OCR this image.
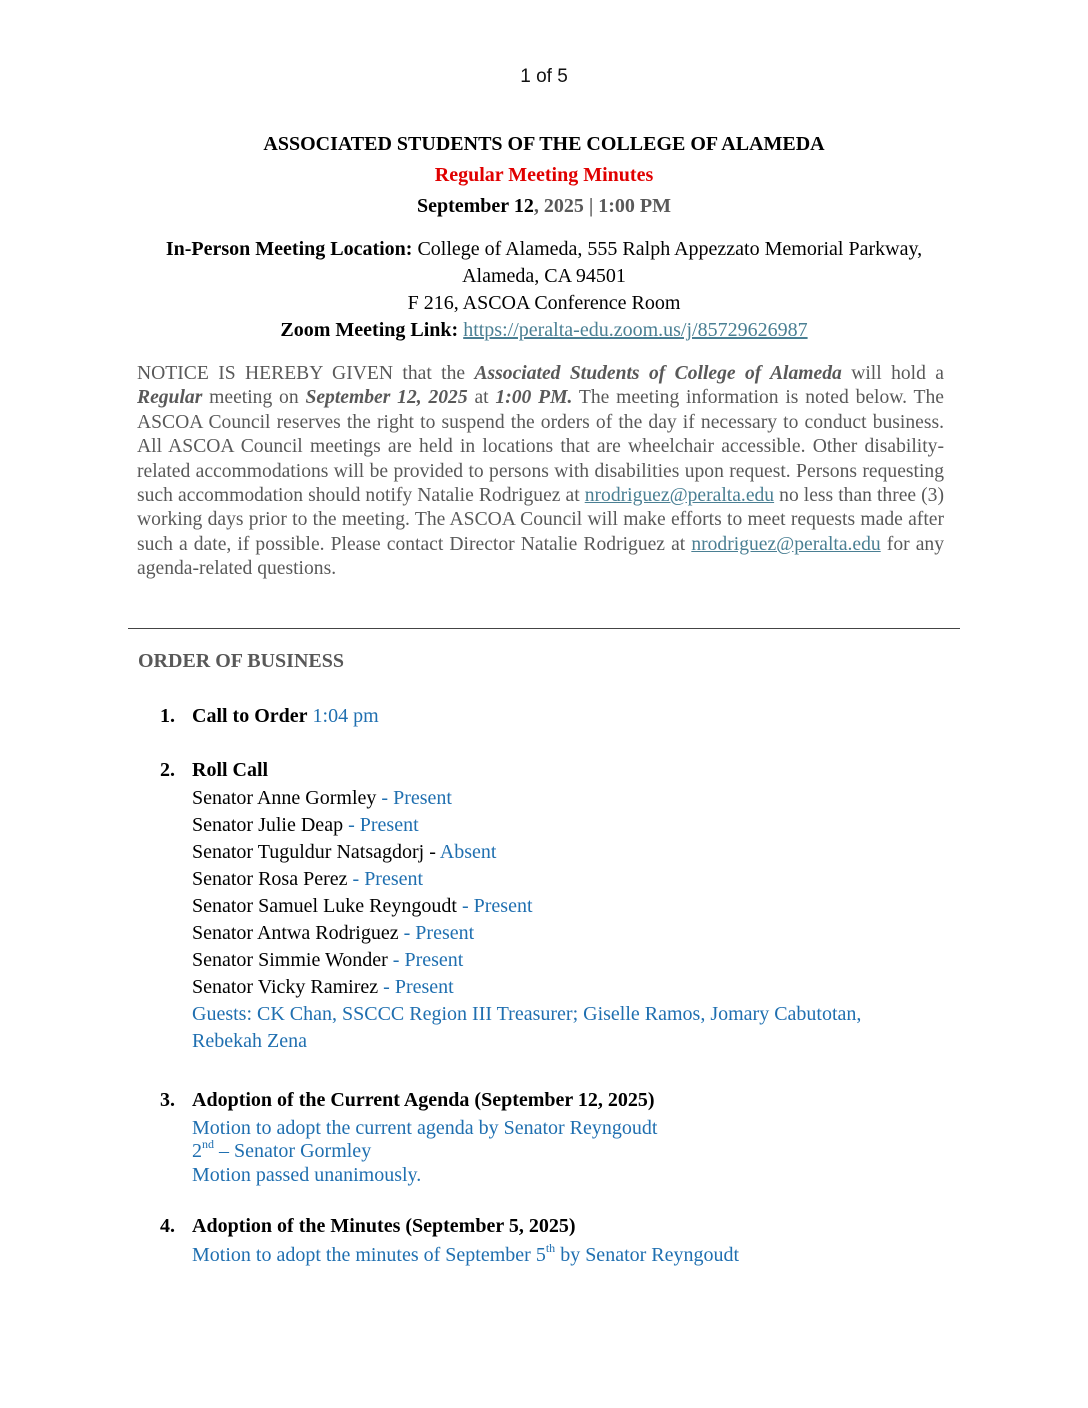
1 of 5
ASSOCIATED STUDENTS OF THE COLLEGE OF ALAMEDA
Regular Meeting Minutes
September 12, 2025 | 1:00 PM
In-Person Meeting Location: College of Alameda, 555 Ralph Appezzato Memorial Parkway,
Alameda, CA 94501
F 216, ASCOA Conference Room
Zoom Meeting Link: https://peralta-edu.zoom.us/j/85729626987
NOTICE IS HEREBY GIVEN that the Associated Students of College of Alameda will hold a Regular meeting on September 12, 2025 at 1:00 PM. The meeting information is noted below. The ASCOA Council reserves the right to suspend the orders of the day if necessary to conduct business. All ASCOA Council meetings are held in locations that are wheelchair accessible. Other disability-related accommodations will be provided to persons with disabilities upon request. Persons requesting such accommodation should notify Natalie Rodriguez at nrodriguez@peralta.edu no less than three (3) working days prior to the meeting. The ASCOA Council will make efforts to meet requests made after such a date, if possible. Please contact Director Natalie Rodriguez at nrodriguez@peralta.edu for any agenda-related questions.
ORDER OF BUSINESS
1. Call to Order 1:04 pm
2. Roll Call
Senator Anne Gormley - Present
Senator Julie Deap - Present
Senator Tuguldur Natsagdorj - Absent
Senator Rosa Perez - Present
Senator Samuel Luke Reyngoudt - Present
Senator Antwa Rodriguez - Present
Senator Simmie Wonder - Present
Senator Vicky Ramirez - Present
Guests: CK Chan, SSCCC Region III Treasurer; Giselle Ramos, Jomary Cabutotan,
Rebekah Zena
3. Adoption of the Current Agenda (September 12, 2025)
Motion to adopt the current agenda by Senator Reyngoudt
2nd – Senator Gormley
Motion passed unanimously.
4. Adoption of the Minutes (September 5, 2025)
Motion to adopt the minutes of September 5th by Senator Reyngoudt
